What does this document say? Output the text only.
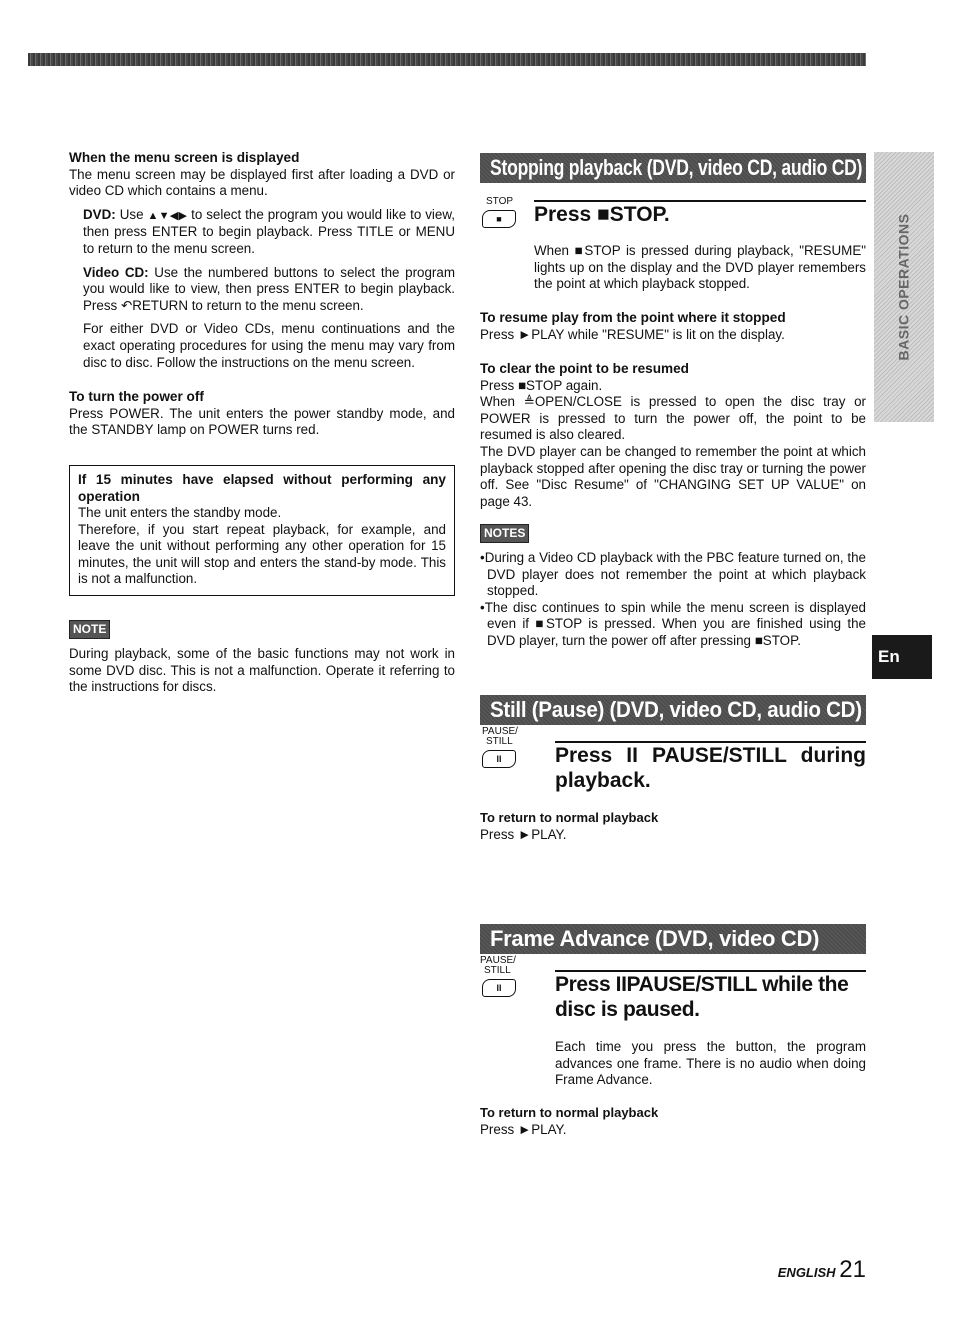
When the menu screen is displayed

The menu screen may be displayed first after loading a DVD or video CD which contains a menu.

DVD: Use ▲▼◀▶ to select the program you would like to view, then press ENTER to begin playback. Press TITLE or MENU to return to the menu screen.

Video CD: Use the numbered buttons to select the program you would like to view, then press ENTER to begin playback. Press ↶RETURN to return to the menu screen.

For either DVD or Video CDs, menu continuations and the exact operating procedures for using the menu may vary from disc to disc. Follow the instructions on the menu screen.

To turn the power off

Press POWER. The unit enters the power standby mode, and the STANDBY lamp on POWER turns red.

If 15 minutes have elapsed without performing any operation

The unit enters the standby mode.

Therefore, if you start repeat playback, for example, and leave the unit without performing any other operation for 15 minutes, the unit will stop and enters the stand-by mode. This is not a malfunction.

NOTE

During playback, some of the basic functions may not work in some DVD disc. This is not a malfunction. Operate it referring to the instructions for discs.

Stopping playback (DVD, video CD, audio CD)
STOP
■ Press ■STOP.

When ■STOP is pressed during playback, "RESUME" lights up on the display and the DVD player remembers the point at which playback stopped.

To resume play from the point where it stopped

Press ►PLAY while "RESUME" is lit on the display.

To clear the point to be resumed

Press ■STOP again.

When ≜OPEN/CLOSE is pressed to open the disc tray or POWER is pressed to turn the power off, the point to be resumed is also cleared.

The DVD player can be changed to remember the point at which playback stopped after opening the disc tray or turning the power off. See "Disc Resume" of "CHANGING SET UP VALUE" on page 43.

NOTES

•During a Video CD playback with the PBC feature turned on, the DVD player does not remember the point at which playback stopped.

•The disc continues to spin while the menu screen is displayed even if ■STOP is pressed. When you are finished using the DVD player, turn the power off after pressing ■STOP.

Still (Pause) (DVD, video CD, audio CD)
PAUSE/
STILL
II	Press II PAUSE/STILL during playback.
To return to normal playback

Press ►PLAY.

Frame Advance (DVD, video CD)
PAUSE/
STILL
II	Press IIPAUSE/STILL while the disc is paused.

Each time you press the button, the program advances one frame. There is no audio when doing Frame Advance.

To return to normal playback

Press ►PLAY.

BASIC OPERATIONS
En
ENGLISH 21
